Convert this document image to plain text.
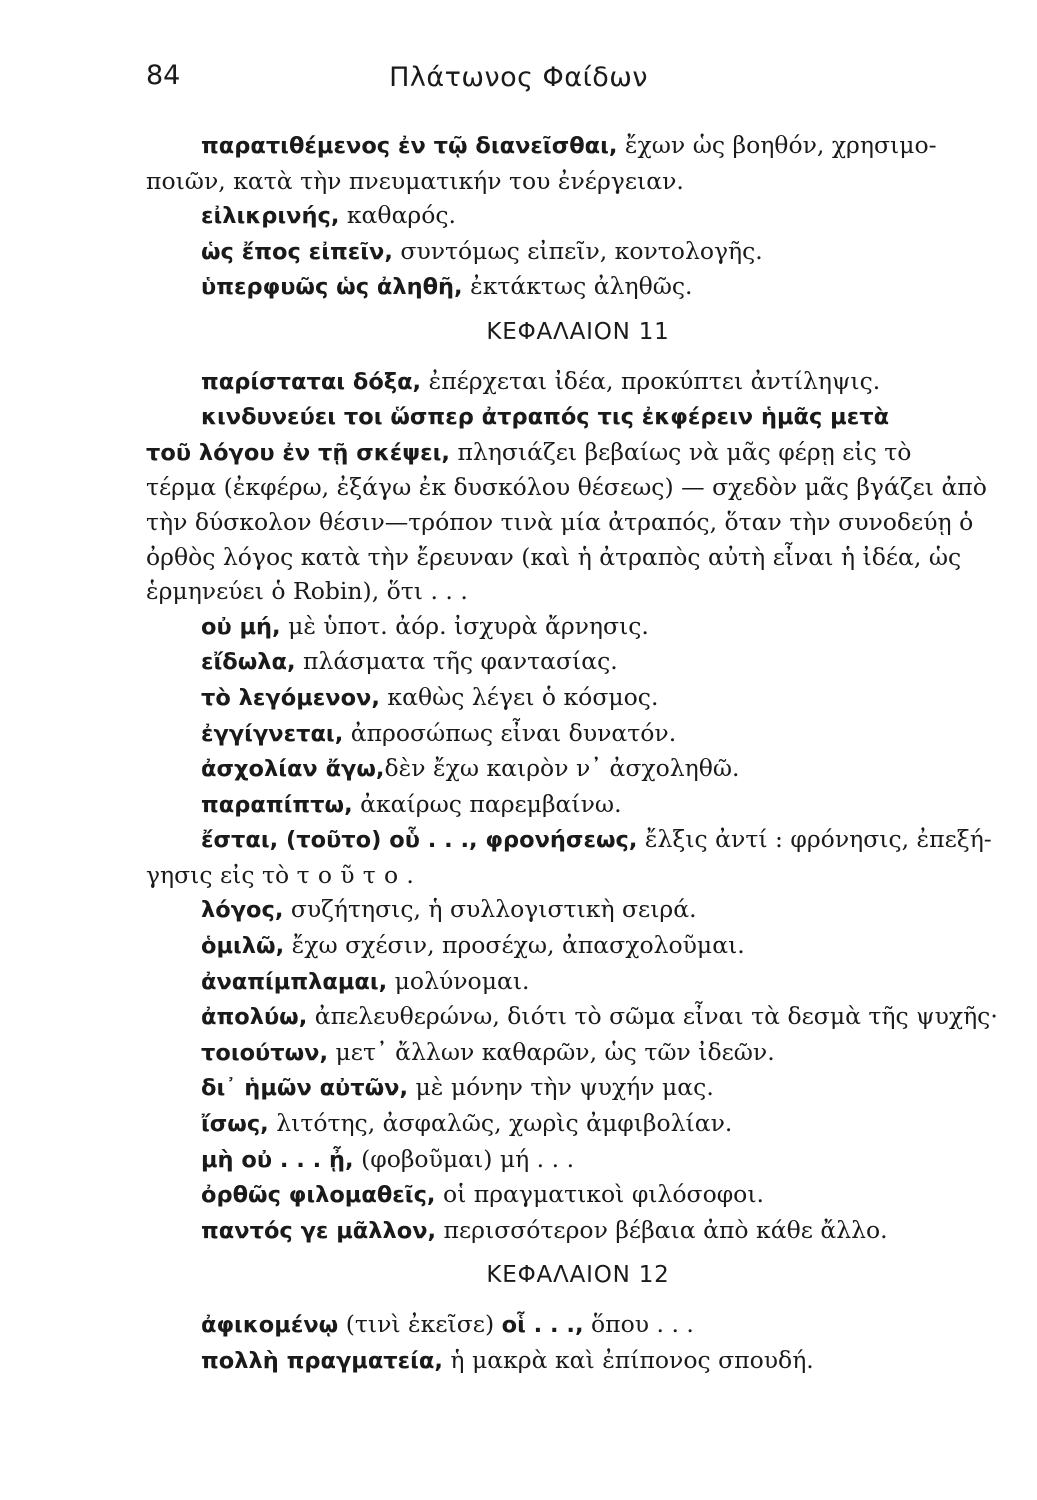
84	Πλάτωνος Φαίδων
παρατιθέμενος ἐν τῷ διανεῖσθαι, ἔχων ὡς βοηθόν, χρησιμο-
ποιῶν, κατὰ τὴν πνευματικήν του ἐνέργειαν.
εἰλικρινής, καθαρός.
ὡς ἔπος εἰπεῖν, συντόμως εἰπεῖν, κοντολογῆς.
ὑπερφυῶς ὡς ἀληθῆ, ἐκτάκτως ἀληθῶς.
ΚΕΦΑΛΑΙΟΝ 11
παρίσταται δόξα, ἐπέρχεται ἰδέα, προκύπτει ἀντίληψις.
κινδυνεύει τοι ὥσπερ ἀτραπός τις ἐκφέρειν ἡμᾶς μετὰ
τοῦ λόγου ἐν τῇ σκέψει, πλησιάζει βεβαίως νὰ μᾶς φέρῃ εἰς τὸ
τέρμα (ἐκφέρω, ἐξάγω ἐκ δυσκόλου θέσεως) — σχεδὸν μᾶς βγάζει ἀπὸ
τὴν δύσκολον θέσιν—τρόπον τινὰ μία ἀτραπός, ὅταν τὴν συνοδεύῃ ὁ
ὀρθὸς λόγος κατὰ τὴν ἔρευναν (καὶ ἡ ἀτραπὸς αὐτὴ εἶναι ἡ ἰδέα, ὡς
ἑρμηνεύει ὁ Robin), ὅτι . . .
οὐ μή, μὲ ὑποτ. ἀόρ. ἰσχυρὰ ἄρνησις.
εἴδωλα, πλάσματα τῆς φαντασίας.
τὸ λεγόμενον, καθὼς λέγει ὁ κόσμος.
ἐγγίγνεται, ἀπροσώπως εἶναι δυνατόν.
ἀσχολίαν ἄγω,δὲν ἔχω καιρὸν ν᾽ ἀσχοληθῶ.
παραπίπτω, ἀκαίρως παρεμβαίνω.
ἔσται, (τοῦτο) οὗ . . ., φρονήσεως, ἔλξις ἀντί : φρόνησις, ἐπεξή-
γησις εἰς τὸ τοῦτο.
λόγος, συζήτησις, ἡ συλλογιστικὴ σειρά.
ὁμιλῶ, ἔχω σχέσιν, προσέχω, ἀπασχολοῦμαι.
ἀναπίμπλαμαι, μολύνομαι.
ἀπολύω, ἀπελευθερώνω, διότι τὸ σῶμα εἶναι τὰ δεσμὰ τῆς ψυχῆς·
τοιούτων, μετ᾽ ἄλλων καθαρῶν, ὡς τῶν ἰδεῶν.
δι᾽ ἡμῶν αὐτῶν, μὲ μόνην τὴν ψυχήν μας.
ἴσως, λιτότης, ἀσφαλῶς, χωρὶς ἀμφιβολίαν.
μὴ οὐ . . . ᾖ, (φοβοῦμαι) μή . . .
ὀρθῶς φιλομαθεῖς, οἱ πραγματικοὶ φιλόσοφοι.
παντός γε μᾶλλον, περισσότερον βέβαια ἀπὸ κάθε ἄλλο.
ΚΕΦΑΛΑΙΟΝ 12
ἀφικομένῳ (τινὶ ἐκεῖσε) οἷ . . ., ὅπου . . .
πολλὴ πραγματεία, ἡ μακρὰ καὶ ἐπίπονος σπουδή.
